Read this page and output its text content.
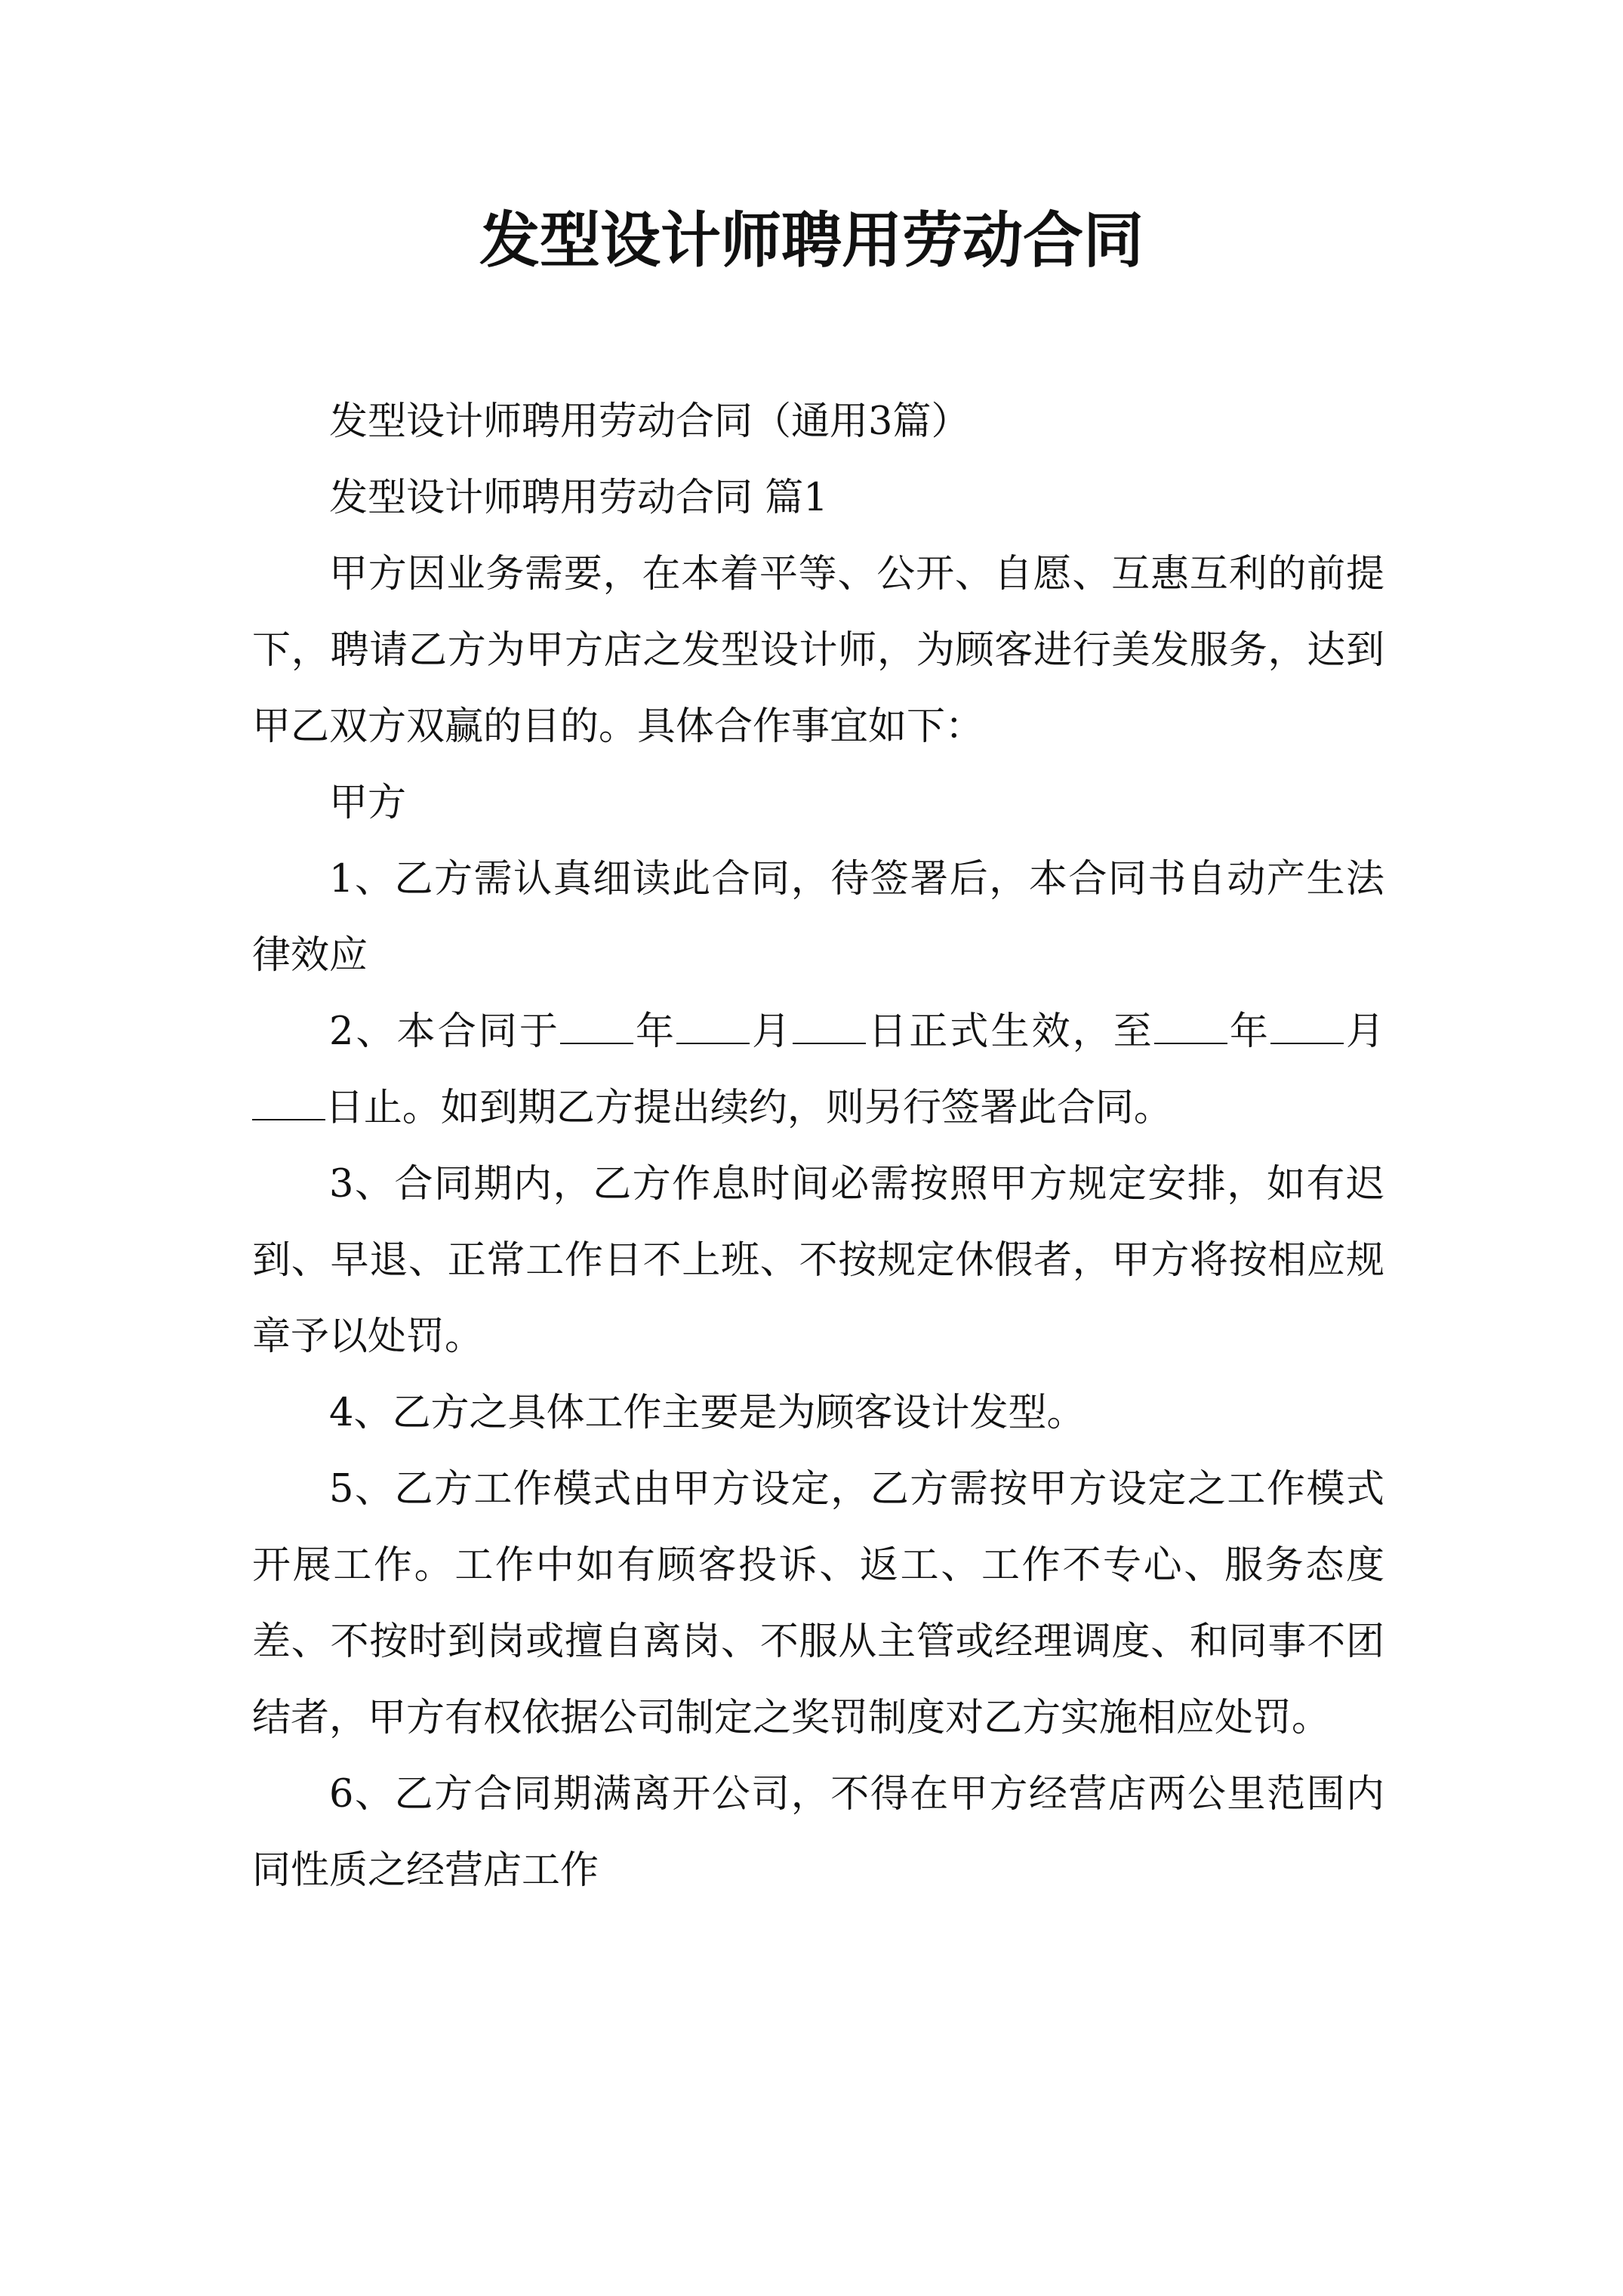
发型设计师聘用劳动合同

发型设计师聘用劳动合同（通用3篇）

发型设计师聘用劳动合同 篇1

甲方因业务需要，在本着平等、公开、自愿、互惠互利的前提下，聘请乙方为甲方店之发型设计师，为顾客进行美发服务，达到甲乙双方双赢的目的。具体合作事宜如下：

甲方

1、乙方需认真细读此合同，待签署后，本合同书自动产生法律效应

2、本合同于 年 月 日正式生效，至 年 月日止。如到期乙方提出续约，则另行签署此合同。

3、合同期内，乙方作息时间必需按照甲方规定安排，如有迟到、早退、正常工作日不上班、不按规定休假者，甲方将按相应规章予以处罚。

4、乙方之具体工作主要是为顾客设计发型。

5、乙方工作模式由甲方设定，乙方需按甲方设定之工作模式开展工作。工作中如有顾客投诉、返工、工作不专心、服务态度差、不按时到岗或擅自离岗、不服从主管或经理调度、和同事不团结者，甲方有权依据公司制定之奖罚制度对乙方实施相应处罚。

6、乙方合同期满离开公司，不得在甲方经营店两公里范围内同性质之经营店工作
